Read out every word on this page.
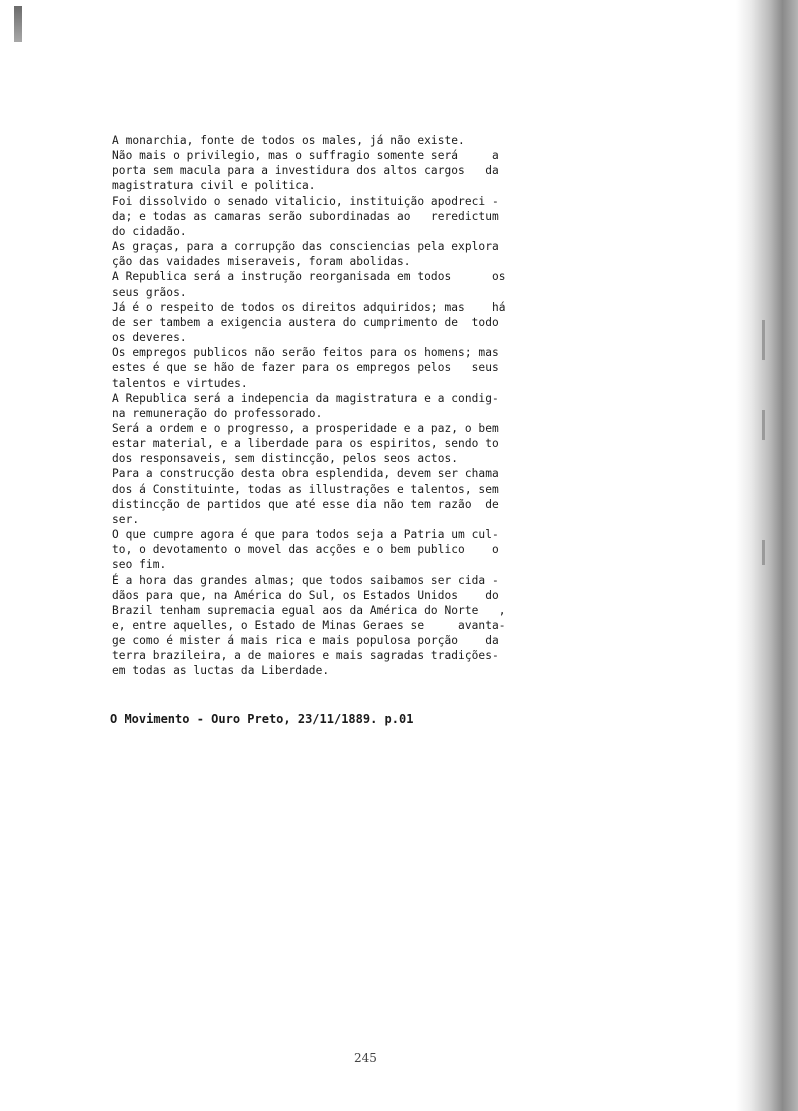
A monarchia, fonte de todos os males, já não existe.
Não mais o privilegio, mas o suffragio somente será     a
porta sem macula para a investidura dos altos cargos   da
magistratura civil e politica.
Foi dissolvido o senado vitalicio, instituição apodreci -
da; e todas as camaras serão subordinadas ao   reredictum
do cidadão.
As graças, para a corrupção das consciencias pela explora
ção das vaidades miseraveis, foram abolidas.
A Republica será a instrução reorganisada em todos      os
seus grãos.
Já é o respeito de todos os direitos adquiridos; mas    há
de ser tambem a exigencia austera do cumprimento de  todo
os deveres.
Os empregos publicos não serão feitos para os homens; mas
estes é que se hão de fazer para os empregos pelos   seus
talentos e virtudes.
A Republica será a indepencia da magistratura e a condig-
na remuneração do professorado.
Será a ordem e o progresso, a prosperidade e a paz, o bem
estar material, e a liberdade para os espiritos, sendo to
dos responsaveis, sem distincção, pelos seos actos.
Para a construcção desta obra esplendida, devem ser chama
dos á Constituinte, todas as illustrações e talentos, sem
distincção de partidos que até esse dia não tem razão  de
ser.
O que cumpre agora é que para todos seja a Patria um cul-
to, o devotamento o movel das acções e o bem publico    o
seo fim.
É a hora das grandes almas; que todos saibamos ser cida -
dãos para que, na América do Sul, os Estados Unidos    do
Brazil tenham supremacia egual aos da América do Norte   ,
e, entre aquelles, o Estado de Minas Geraes se     avanta-
ge como é mister á mais rica e mais populosa porção    da
terra brazileira, a de maiores e mais sagradas tradições-
em todas as luctas da Liberdade.
O Movimento - Ouro Preto, 23/11/1889. p.01
245
